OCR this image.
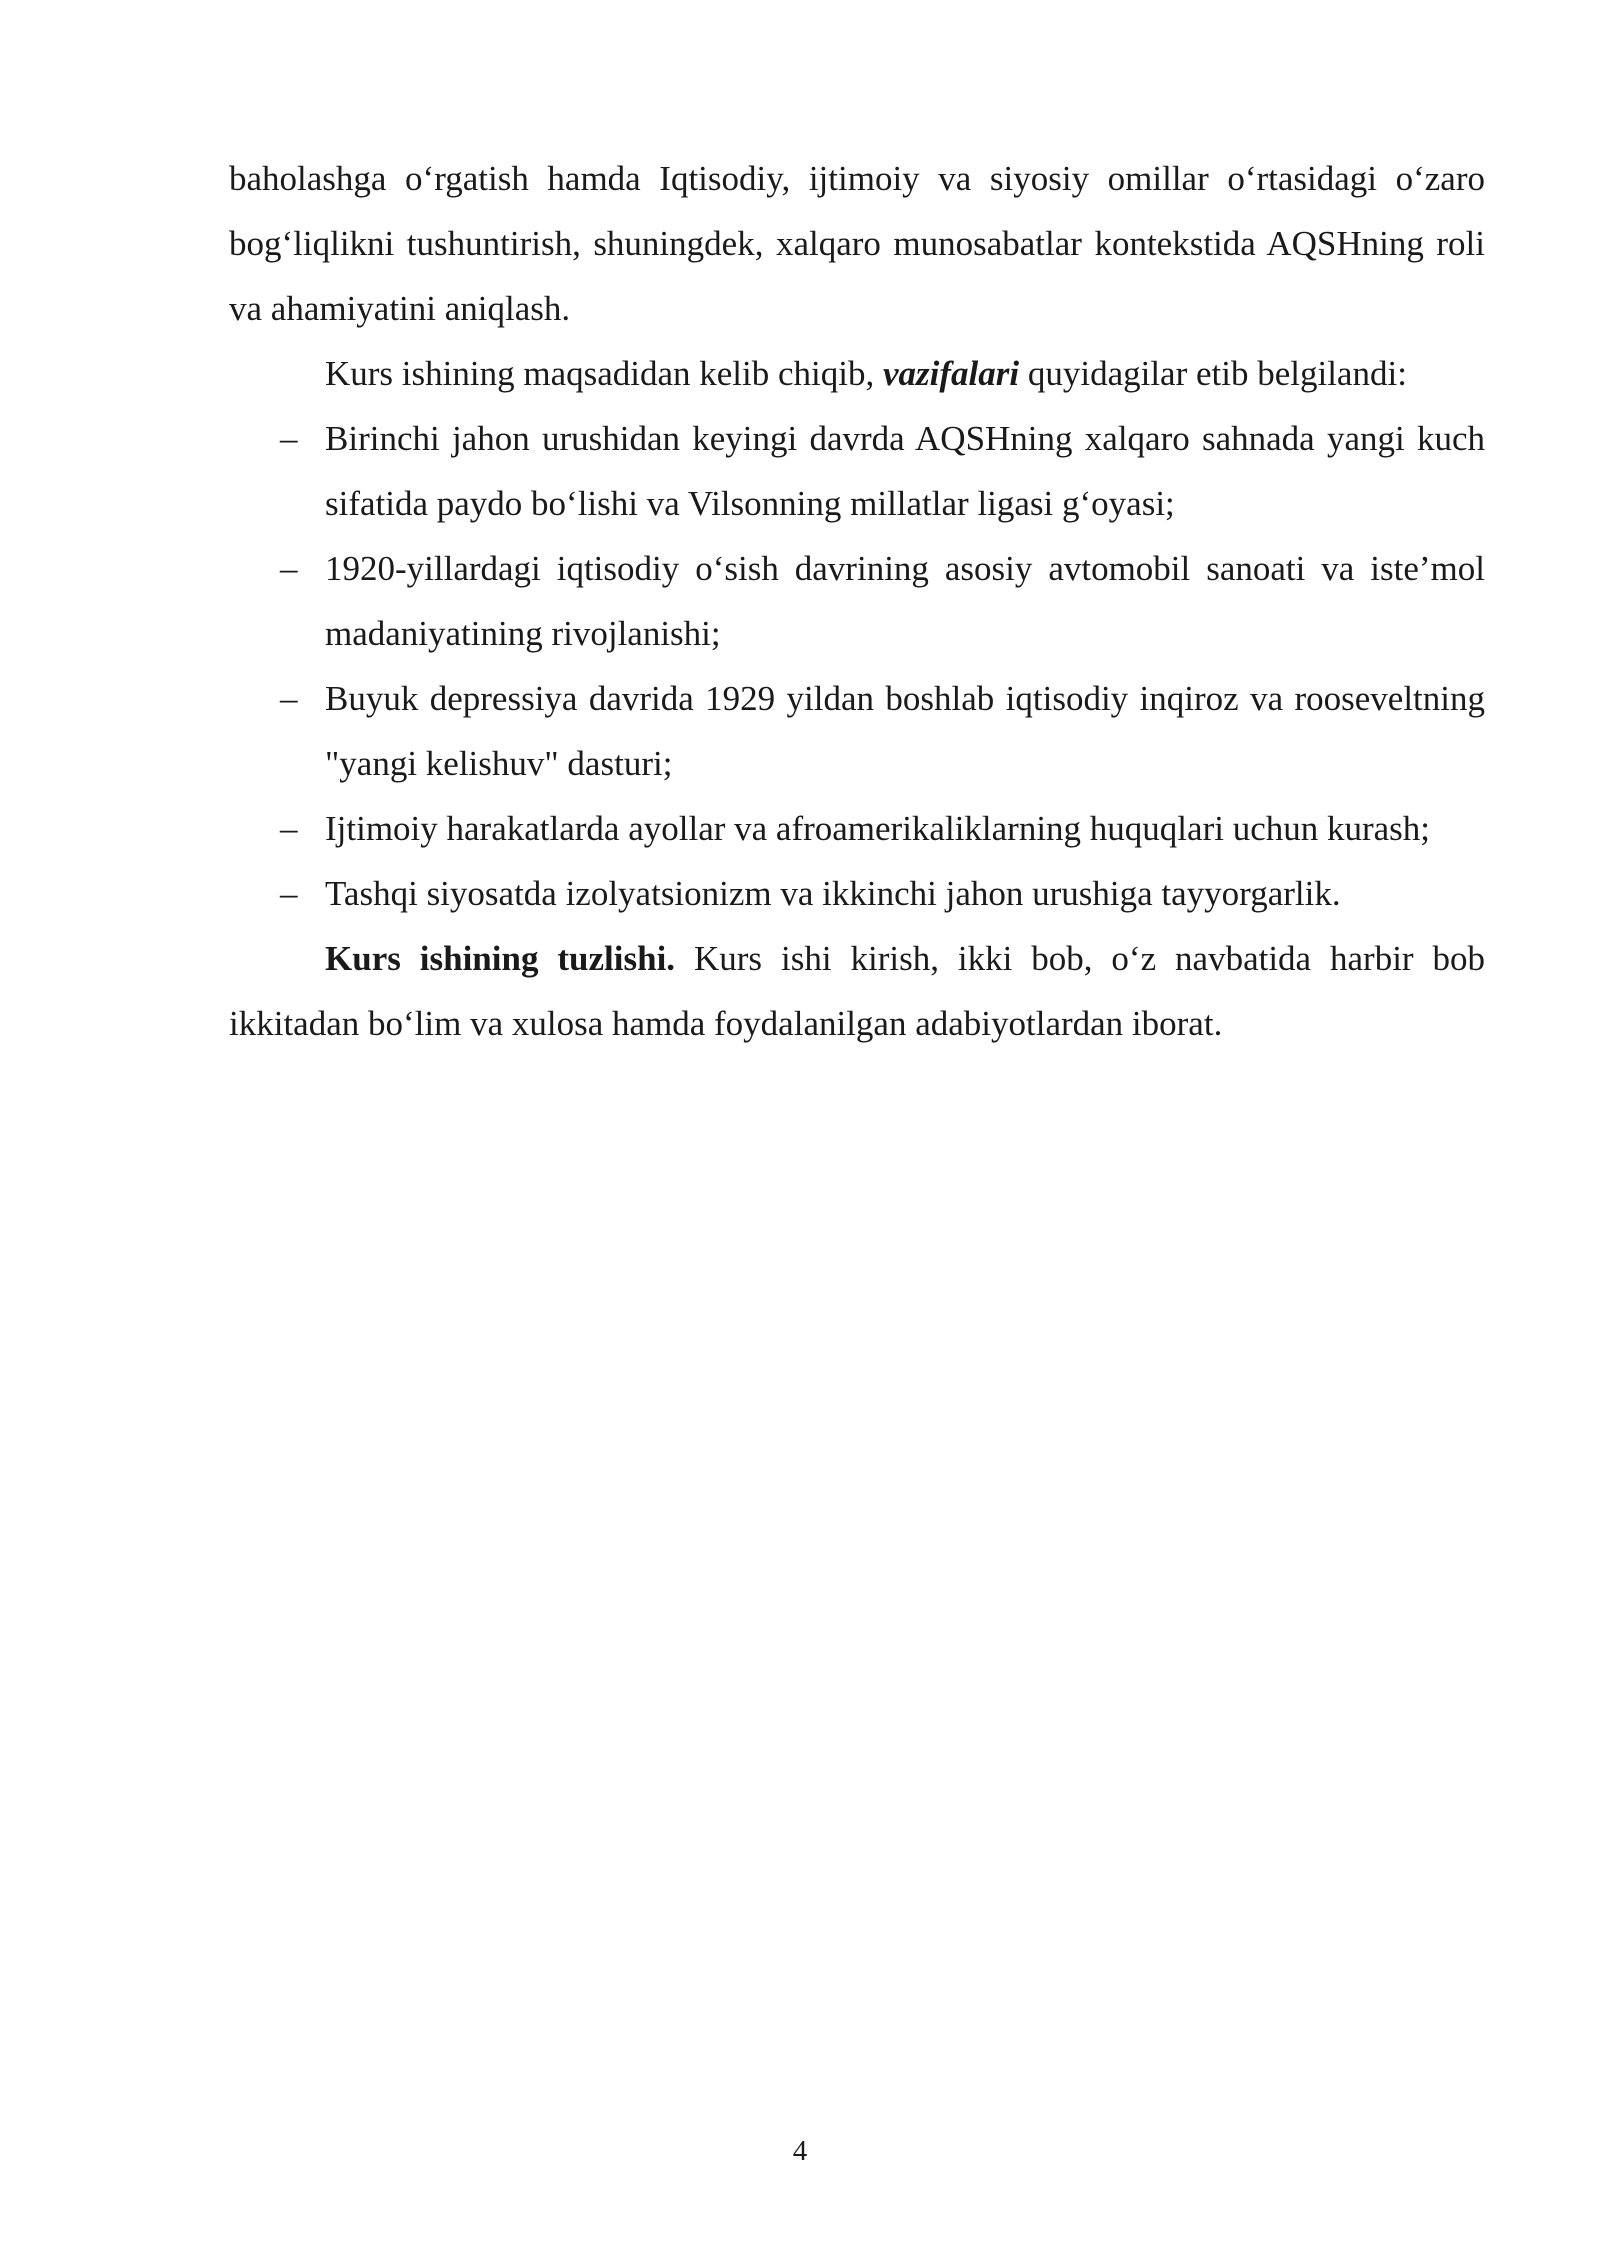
baholashga o‘rgatish hamda Iqtisodiy, ijtimoiy va siyosiy omillar o‘rtasidagi o‘zaro bog‘liqlikni tushuntirish, shuningdek, xalqaro munosabatlar kontekstida AQSHning roli va ahamiyatini aniqlash.

Kurs ishining maqsadidan kelib chiqib, vazifalari quyidagilar etib belgilandi:

– Birinchi jahon urushidan keyingi davrda AQSHning xalqaro sahnada yangi kuch sifatida paydo bo‘lishi va Vilsonning millatlar ligasi g‘oyasi;
– 1920-yillardagi iqtisodiy o‘sish davrining asosiy avtomobil sanoati va iste’mol madaniyatining rivojlanishi;
– Buyuk depressiya davrida 1929 yildan boshlab iqtisodiy inqiroz va rooseveltning "yangi kelishuv" dasturi;
– Ijtimoiy harakatlarda ayollar va afroamerikaliklarning huquqlari uchun kurash;
– Tashqi siyosatda izolyatsionizm va ikkinchi jahon urushiga tayyorgarlik.

Kurs ishining tuzlishi. Kurs ishi kirish, ikki bob, o‘z navbatida harbir bob ikkitadan bo‘lim va xulosa hamda foydalanilgan adabiyotlardan iborat.

4
